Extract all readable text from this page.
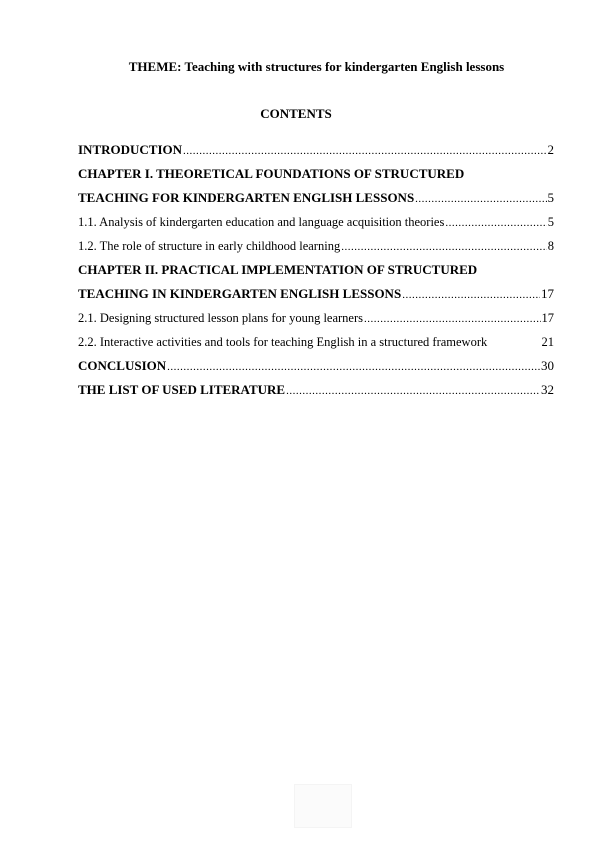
THEME: Teaching with structures for kindergarten English lessons
CONTENTS
INTRODUCTION .....	2
CHAPTER I. THEORETICAL FOUNDATIONS OF STRUCTURED
TEACHING FOR KINDERGARTEN ENGLISH LESSONS .....	5
1.1. Analysis of kindergarten education and language acquisition theories .....	5
1.2. The role of structure in early childhood learning .....	8
CHAPTER II. PRACTICAL IMPLEMENTATION OF STRUCTURED
TEACHING IN KINDERGARTEN ENGLISH LESSONS .....	17
2.1. Designing structured lesson plans for young learners .....	17
2.2. Interactive activities and tools for teaching English in a structured framework	21
CONCLUSION .....	30
THE LIST OF USED LITERATURE .....	32
